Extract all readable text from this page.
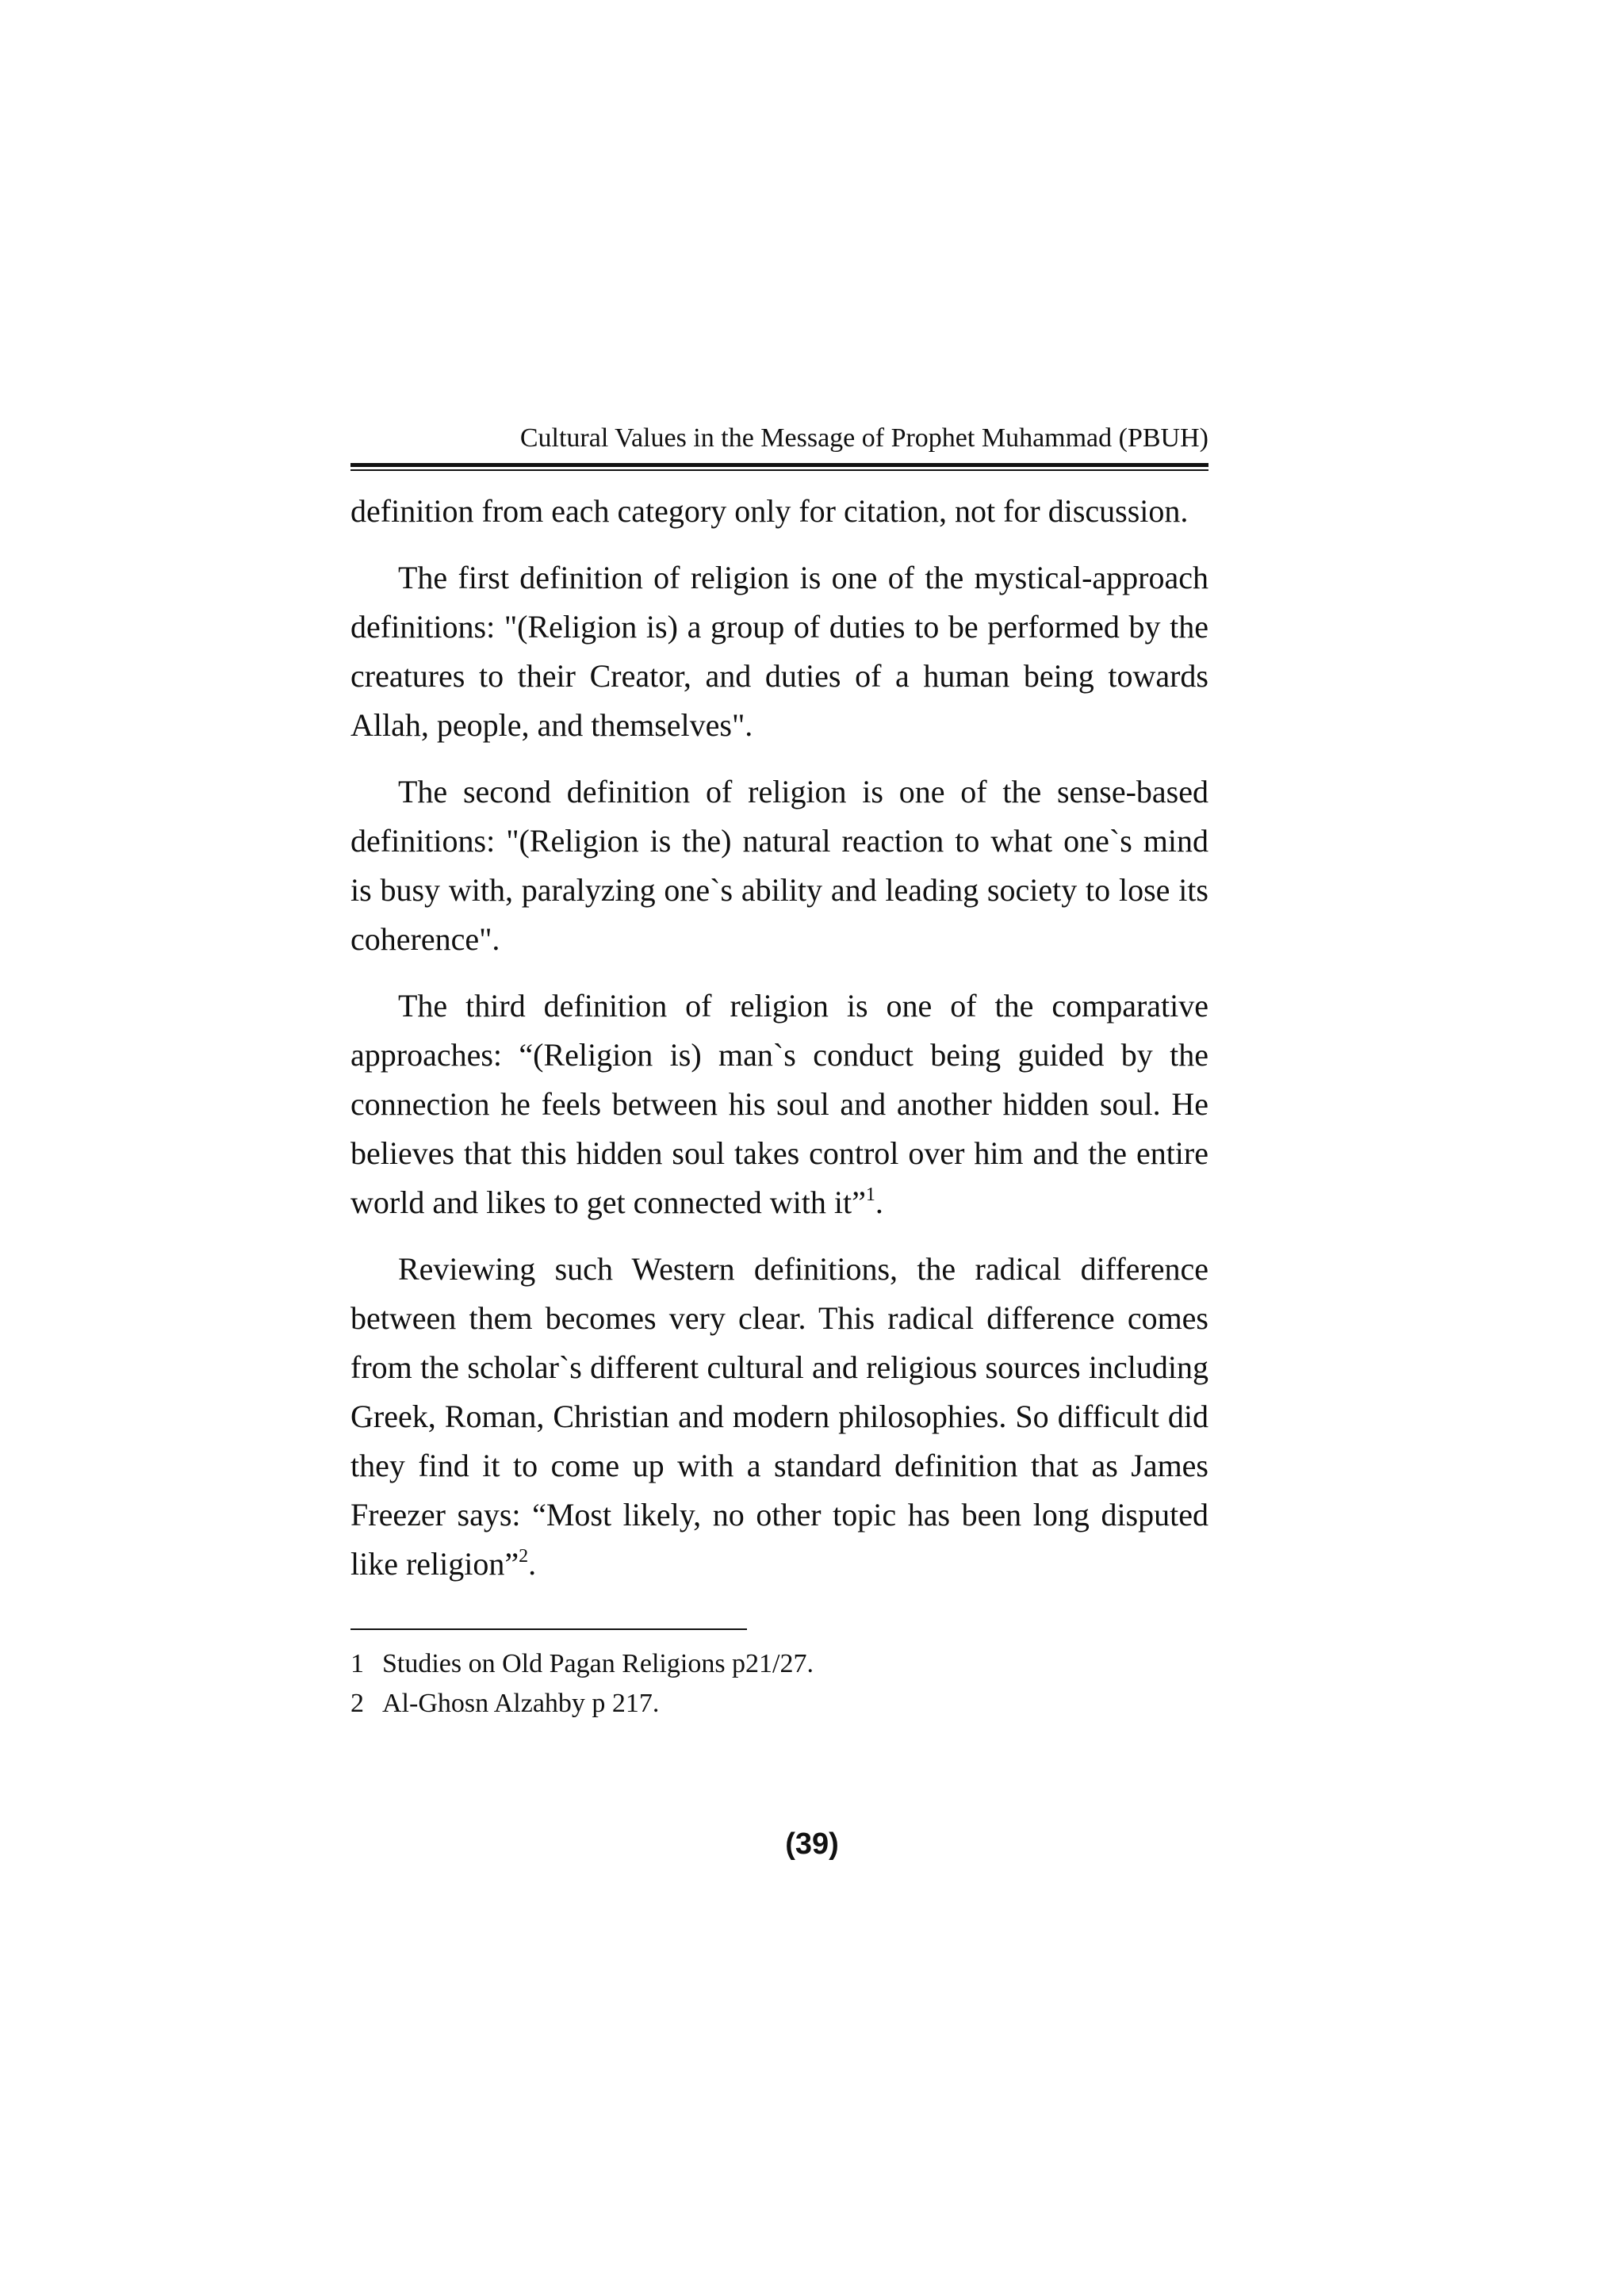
Cultural Values in the Message of Prophet Muhammad (PBUH)

definition from each category only for citation, not for discussion.

The first definition of religion is one of the mystical-approach definitions: "(Religion is) a group of duties to be performed by the creatures to their Creator, and duties of a human being towards Allah, people, and themselves".

The second definition of religion is one of the sense-based definitions: "(Religion is the) natural reaction to what one`s mind is busy with, paralyzing one`s ability and leading society to lose its coherence".

The third definition of religion is one of the comparative approaches: “(Religion is) man`s conduct being guided by the connection he feels between his soul and another hidden soul. He believes that this hidden soul takes control over him and the entire world and likes to get connected with it”$^1$.

Reviewing such Western definitions, the radical difference between them becomes very clear. This radical difference comes from the scholar`s different cultural and religious sources including Greek, Roman, Christian and modern philosophies. So difficult did they find it to come up with a standard definition that as James Freezer says: “Most likely, no other topic has been long disputed like religion”$^2$.

1 Studies on Old Pagan Religions p21/27.
2 Al-Ghosn Alzahby p 217.
(39)
